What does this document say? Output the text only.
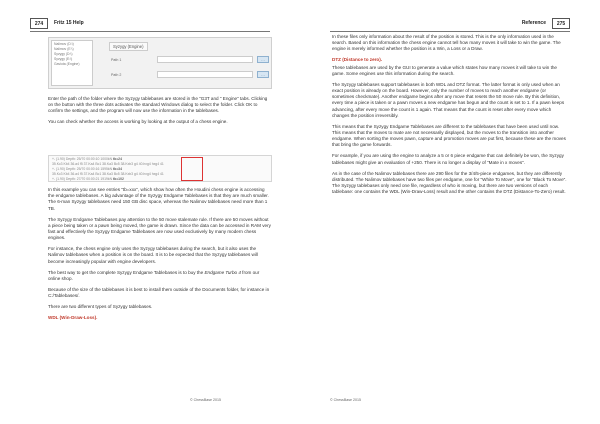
274	Fritz 15 Help
Nalimov (D:\)
Nalimov (E:\)
Syzygy (D:\)
Syzygy (E:\)
Gaviota (Engine)
Syzygy (Engine)
Path 1	…
Path 2	…

Enter the path of the folder where the Syzygy tablebases are stored in the "G3T and " Engine" tabs. Clicking on the button with the three dots activates the standard Windows dialog to select the folder. Click OK to confirm the settings, and the program will now use the information in the tablebases.

You can check whether the access is working by looking at the output of a chess engine.

+- (1.90) Depth: 25/70 00:00:10 1000kN tb=24
35.Kc3 Kb4 36.a4 f5 37.Ka4 Bc1 38.Ka3 Bc5 38.Kxb3 g4 40.hxg4 hxg4 41
+- (1.90) Depth: 25/70 00:00:16 1595kN tb=34
35.Kc3 Kb4 36.a4 f5 37.Ka4 Bc1 38.Ka3 Bc5 38.Kxb3 g4 40.hxg4 hxg4 41
+- (1.90) Depth: 27/70 00:00:21 1919kN tb=102

In this example you can see entries "tb=xxx", which show how often the Houdini chess engine is accessing the endgame tablebases. A big advantage of the Syzygy Endgame Tablebases is that they are much smaller. The 6-man Syzygy tablebases need 150 GB disc space, whereas the Nalimov tablebases need more than 1 TB.

The Syzygy Endgame Tablebases pay attention to the 50 move stalemate rule. If there are 50 moves without a piece being taken or a pawn being moved, the game is drawn. Since the data can be accessed in RAM very fast and effectively the Syzygy Endgame Tablebases are now used exclusively by many modern chess engines.

For instance, the chess engine only uses the Syzygy tablebases during the search, but it also uses the Nalimov tablebases when a position is on the board. It is to be expected that the Syzygy tablebases will become increasingly popular with engine developers.

The best way to get the complete Syzygy Endgame Tablebases is to buy the Endgame Turbo 4 from our online shop.

Because of the size of the tablebases it is best to install them outside of the Documents folder, for instance in C:/Tablebases/.

There are two different types of Syzygy tablebases.

WDL (Win-Draw-Loss).

© ChessBase 2015
Reference	275

In these files only information about the result of the position is stored. This is the only information used in the search. Based on this information the chess engine cannot tell how many moves it will take to win the game. The engine is merely informed whether the position is a Win, a Loss or a Draw.

DTZ (Distance to zero).

These tablebases are used by the GUI to generate a value which states how many moves it will take to win the game. Some engines use this information during the search.

The Syzygy tablebases support tablebases in both WDL and DTZ format. The latter format is only used when an exact position is already on the board. However, only the number of moves to reach another endgame (or sometimes checkmate). Another endgame begins after any move that resets the 50 move rule. By this definition, every time a piece is taken or a pawn moves a new endgame has begun and the count is set to 1. If a pawn keeps advancing, after every move the count is 1 again. That means that the count is reset after every move which changes the position irreversibly.

This means that the Syzygy Endgame Tablebases are different to the tablebases that have been used until now. This means that the moves to mate are not necessarily displayed, but the moves to the transition into another endgame. When sorting the moves pawn, capture and promotion moves are put first, because these are the moves that bring the game forwards.

For example, if you are using the engine to analyze a 5 or 6 piece endgame that can definitely be won, the Syzygy tablebases might give an evaluation of +250. There is no longer a display of "Mate in x moves".

As in the case of the Nalimov tablebases there are 290 files for the 3/4/5-piece endgames, but they are differently distributed. The Nalimov tablebases have two files per endgame, one for "White To Move", one for "Black To Move". The Syzygy tablebases only need one file, regardless of who is moving, but there are two versions of each tablebase: one contains the WDL (Win-Draw-Loss) result and the other contains the DTZ (Distance-To-Zero) result.

© ChessBase 2015
